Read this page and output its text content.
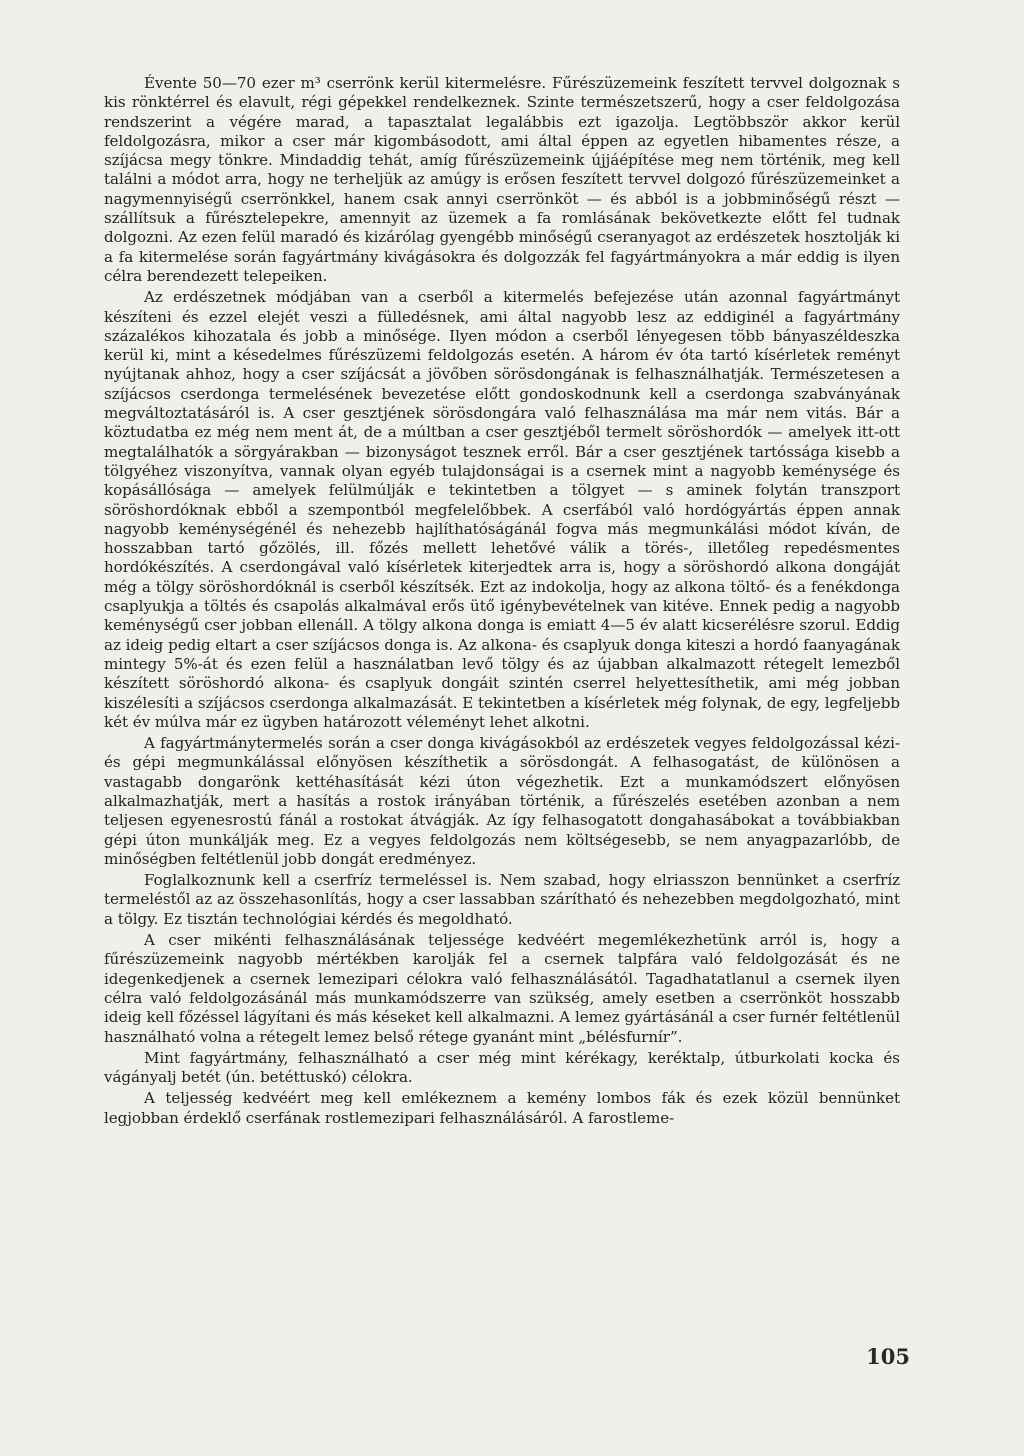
Évente 50—70 ezer m³ cserrönk kerül kitermelésre. Fűrészüzemeink feszített tervvel dolgoznak s kis rönktérrel és elavult, régi gépekkel rendelkeznek. Szinte természetszerű, hogy a cser feldolgozása rendszerint a végére marad, a tapasztalat legalábbis ezt igazolja. Legtöbbször akkor kerül feldolgozásra, mikor a cser már kigombásodott, ami által éppen az egyetlen hibamentes része, a szíjácsa megy tönkre. Mindaddig tehát, amíg fűrészüzemeink újjáépítése meg nem történik, meg kell találni a módot arra, hogy ne terheljük az amúgy is erősen feszített tervvel dolgozó fűrészüzemeinket a nagymennyiségű cserrönkkel, hanem csak annyi cserrönköt — és abból is a jobbminőségű részt — szállítsuk a fűrésztelepekre, amennyit az üzemek a fa romlásának bekövetkezte előtt fel tudnak dolgozni. Az ezen felül maradó és kizárólag gyengébb minőségű cseranyagot az erdészetek hosztolják ki a fa kitermelése során fagyártmány kivágásokra és dolgozzák fel fagyártmányokra a már eddig is ilyen célra berendezett telepeiken.

Az erdészetnek módjában van a cserből a kitermelés befejezése után azonnal fagyártmányt készíteni és ezzel elejét veszi a fülledésnek, ami által nagyobb lesz az eddiginél a fagyártmány százalékos kihozatala és jobb a minősége. Ilyen módon a cserből lényegesen több bányaszéldeszka kerül ki, mint a késedelmes fűrészüzemi feldolgozás esetén. A három év óta tartó kísérletek reményt nyújtanak ahhoz, hogy a cser szíjácsát a jövőben sörösdongának is felhasználhatják. Természetesen a szíjácsos cserdonga termelésének bevezetése előtt gondoskodnunk kell a cserdonga szabványának megváltoztatásáról is. A cser gesztjének sörösdongára való felhasználása ma már nem vitás. Bár a köztudatba ez még nem ment át, de a múltban a cser gesztjéből termelt söröshordók — amelyek itt-ott megtalálhatók a sörgyárakban — bizonyságot tesznek erről. Bár a cser gesztjének tartóssága kisebb a tölgyéhez viszonyítva, vannak olyan egyéb tulajdonságai is a csernek mint a nagyobb keménysége és kopásállósága — amelyek felülmúlják e tekintetben a tölgyet — s aminek folytán transzport söröshordóknak ebből a szempontból megfelelőbbek. A cserfából való hordógyártás éppen annak nagyobb keménységénél és nehezebb hajlíthatóságánál fogva más megmunkálási módot kíván, de hosszabban tartó gőzölés, ill. főzés mellett lehetővé válik a törés-, illetőleg repedésmentes hordókészítés. A cserdongával való kísérletek kiterjedtek arra is, hogy a söröshordó alkona dongáját még a tölgy söröshordóknál is cserből készítsék. Ezt az indokolja, hogy az alkona töltő- és a fenékdonga csaplyukja a töltés és csapolás alkalmával erős ütő igénybevételnek van kitéve. Ennek pedig a nagyobb keménységű cser jobban ellenáll. A tölgy alkona donga is emiatt 4—5 év alatt kicserélésre szorul. Eddig az ideig pedig eltart a cser szíjácsos donga is. Az alkona- és csaplyuk donga kiteszi a hordó faanyagának mintegy 5%-át és ezen felül a használatban levő tölgy és az újabban alkalmazott rétegelt lemezből készített söröshordó alkona- és csaplyuk dongáit szintén cserrel helyettesíthetik, ami még jobban kiszélesíti a szíjácsos cserdonga alkalmazását. E tekintetben a kísérletek még folynak, de egy, legfeljebb két év múlva már ez ügyben határozott véleményt lehet alkotni.

A fagyártmánytermelés során a cser donga kivágásokból az erdészetek vegyes feldolgozással kézi- és gépi megmunkálással előnyösen készíthetik a sörösdongát. A felhasogatást, de különösen a vastagabb dongarönk kettéhasítását kézi úton végezhetik. Ezt a munkamódszert előnyösen alkalmazhatják, mert a hasítás a rostok irányában történik, a fűrészelés esetében azonban a nem teljesen egyenesrostú fánál a rostokat átvágják. Az így felhasogatott dongahasábokat a továbbiakban gépi úton munkálják meg. Ez a vegyes feldolgozás nem költségesebb, se nem anyagpazarlóbb, de minőségben feltétlenül jobb dongát eredményez.

Foglalkoznunk kell a cserfríz termeléssel is. Nem szabad, hogy elriasszon bennünket a cserfríz termeléstől az az összehasonlítás, hogy a cser lassabban szárítható és nehezebben megdolgozható, mint a tölgy. Ez tisztán technológiai kérdés és megoldható.

A cser mikénti felhasználásának teljessége kedvéért megemlékezhetünk arról is, hogy a fűrészüzemeink nagyobb mértékben karolják fel a csernek talpfára való feldolgozását és ne idegenkedjenek a csernek lemezipari célokra való felhasználásától. Tagadhatatlanul a csernek ilyen célra való feldolgozásánál más munkamódszerre van szükség, amely esetben a cserrönköt hosszabb ideig kell főzéssel lágyítani és más késeket kell alkalmazni. A lemez gyártásánál a cser furnér feltétlenül használható volna a rétegelt lemez belső rétege gyanánt mint „bélésfurnír”.

Mint fagyártmány, felhasználható a cser még mint kérékagy, keréktalp, útburkolati kocka és vágányalj betét (ún. betéttuskó) célokra.

A teljesség kedvéért meg kell emlékeznem a kemény lombos fák és ezek közül bennünket legjobban érdeklő cserfának rostlemezipari felhasználásáról. A farostleme-

105
